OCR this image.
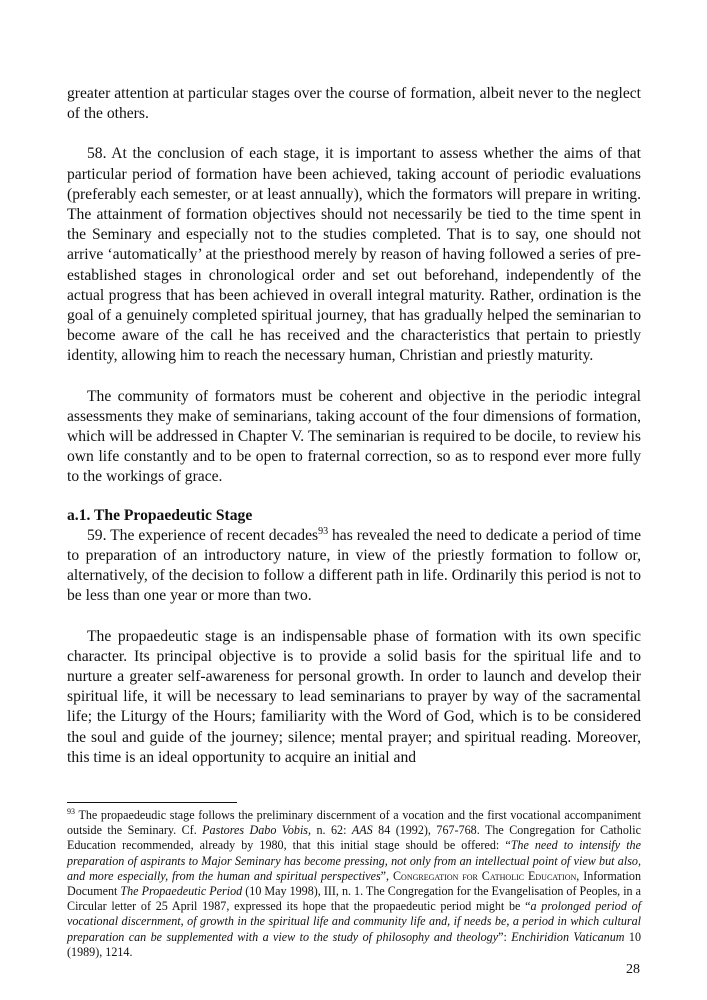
greater attention at particular stages over the course of formation, albeit never to the neglect of the others.

58. At the conclusion of each stage, it is important to assess whether the aims of that particular period of formation have been achieved, taking account of periodic evaluations (preferably each semester, or at least annually), which the formators will prepare in writing. The attainment of formation objectives should not necessarily be tied to the time spent in the Seminary and especially not to the studies completed. That is to say, one should not arrive ‘automatically’ at the priesthood merely by reason of having followed a series of pre-established stages in chronological order and set out beforehand, independently of the actual progress that has been achieved in overall integral maturity. Rather, ordination is the goal of a genuinely completed spiritual journey, that has gradually helped the seminarian to become aware of the call he has received and the characteristics that pertain to priestly identity, allowing him to reach the necessary human, Christian and priestly maturity.

The community of formators must be coherent and objective in the periodic integral assessments they make of seminarians, taking account of the four dimensions of formation, which will be addressed in Chapter V. The seminarian is required to be docile, to review his own life constantly and to be open to fraternal correction, so as to respond ever more fully to the workings of grace.

a.1. The Propaedeutic Stage

59. The experience of recent decades$^{93}$ has revealed the need to dedicate a period of time to preparation of an introductory nature, in view of the priestly formation to follow or, alternatively, of the decision to follow a different path in life. Ordinarily this period is not to be less than one year or more than two.

The propaedeutic stage is an indispensable phase of formation with its own specific character. Its principal objective is to provide a solid basis for the spiritual life and to nurture a greater self-awareness for personal growth. In order to launch and develop their spiritual life, it will be necessary to lead seminarians to prayer by way of the sacramental life; the Liturgy of the Hours; familiarity with the Word of God, which is to be considered the soul and guide of the journey; silence; mental prayer; and spiritual reading. Moreover, this time is an ideal opportunity to acquire an initial and

$^{93}$ The propaedeudic stage follows the preliminary discernment of a vocation and the first vocational accompaniment outside the Seminary. Cf. Pastores Dabo Vobis, n. 62: AAS 84 (1992), 767-768. The Congregation for Catholic Education recommended, already by 1980, that this initial stage should be offered: “The need to intensify the preparation of aspirants to Major Seminary has become pressing, not only from an intellectual point of view but also, and more especially, from the human and spiritual perspectives”, Congregation for Catholic Education, Information Document The Propaedeutic Period (10 May 1998), III, n. 1. The Congregation for the Evangelisation of Peoples, in a Circular letter of 25 April 1987, expressed its hope that the propaedeutic period might be “a prolonged period of vocational discernment, of growth in the spiritual life and community life and, if needs be, a period in which cultural preparation can be supplemented with a view to the study of philosophy and theology”: Enchiridion Vaticanum 10 (1989), 1214.

28
